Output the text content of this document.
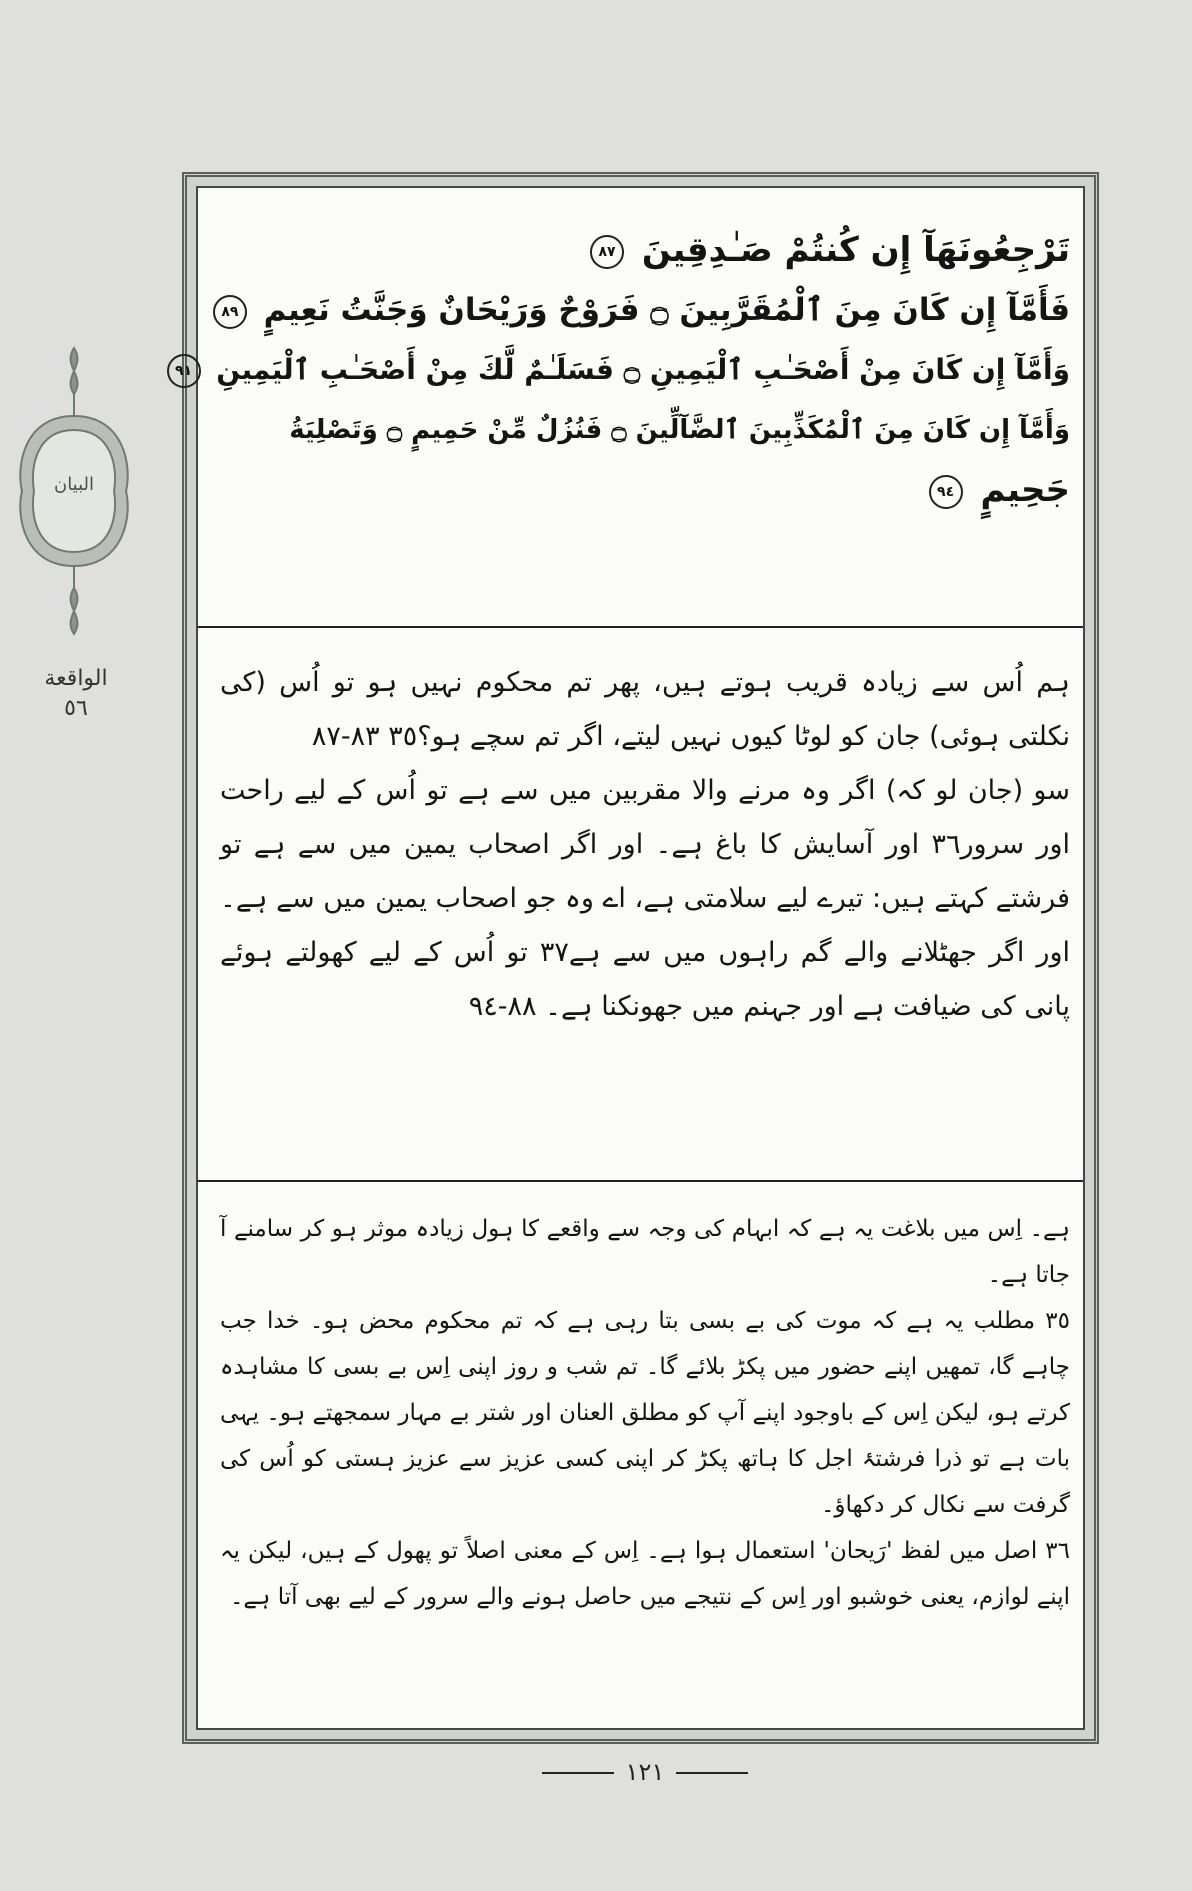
البيان
الواقعة
٥٦

تَرْجِعُونَهَآ إِن كُنتُمْ صَـٰدِقِينَ ٨٧

فَأَمَّآ إِن كَانَ مِنَ ٱلْمُقَرَّبِينَ ۝ فَرَوْحٌ وَرَيْحَانٌ وَجَنَّتُ نَعِيمٍ ٨٩

وَأَمَّآ إِن كَانَ مِنْ أَصْحَـٰبِ ٱلْيَمِينِ ۝ فَسَلَـٰمٌ لَّكَ مِنْ أَصْحَـٰبِ ٱلْيَمِينِ ٩١

وَأَمَّآ إِن كَانَ مِنَ ٱلْمُكَذِّبِينَ ٱلضَّآلِّينَ ۝ فَنُزُلٌ مِّنْ حَمِيمٍ ۝ وَتَصْلِيَةُ

جَحِيمٍ ٩٤

٨٨ ٩٠ ٩٢ ٩٣

ہم اُس سے زیادہ قریب ہوتے ہیں، پھر تم محکوم نہیں ہو تو اُس (کی نکلتی ہوئی) جان کو لوٹا کیوں نہیں لیتے، اگر تم سچے ہو؟٣٥ ٨٣-٨٧

سو (جان لو کہ) اگر وہ مرنے والا مقربین میں سے ہے تو اُس کے لیے راحت اور سرور٣٦ اور آسایش کا باغ ہے۔ اور اگر اصحاب یمین میں سے ہے تو فرشتے کہتے ہیں: تیرے لیے سلامتی ہے، اے وہ جو اصحاب یمین میں سے ہے۔ اور اگر جھٹلانے والے گم راہوں میں سے ہے٣٧ تو اُس کے لیے کھولتے ہوئے پانی کی ضیافت ہے اور جہنم میں جھونکنا ہے۔ ٨٨-٩٤

ہے۔ اِس میں بلاغت یہ ہے کہ ابہام کی وجہ سے واقعے کا ہول زیادہ موثر ہو کر سامنے آ جاتا ہے۔

٣٥ مطلب یہ ہے کہ موت کی بے بسی بتا رہی ہے کہ تم محکوم محض ہو۔ خدا جب چاہے گا، تمھیں اپنے حضور میں پکڑ بلائے گا۔ تم شب و روز اپنی اِس بے بسی کا مشاہدہ کرتے ہو، لیکن اِس کے باوجود اپنے آپ کو مطلق العنان اور شتر بے مہار سمجھتے ہو۔ یہی بات ہے تو ذرا فرشتۂ اجل کا ہاتھ پکڑ کر اپنی کسی عزیز سے عزیز ہستی کو اُس کی گرفت سے نکال کر دکھاؤ۔

٣٦ اصل میں لفظ 'رَیحان' استعمال ہوا ہے۔ اِس کے معنی اصلاً تو پھول کے ہیں، لیکن یہ اپنے لوازم، یعنی خوشبو اور اِس کے نتیجے میں حاصل ہونے والے سرور کے لیے بھی آتا ہے۔

١٢١
